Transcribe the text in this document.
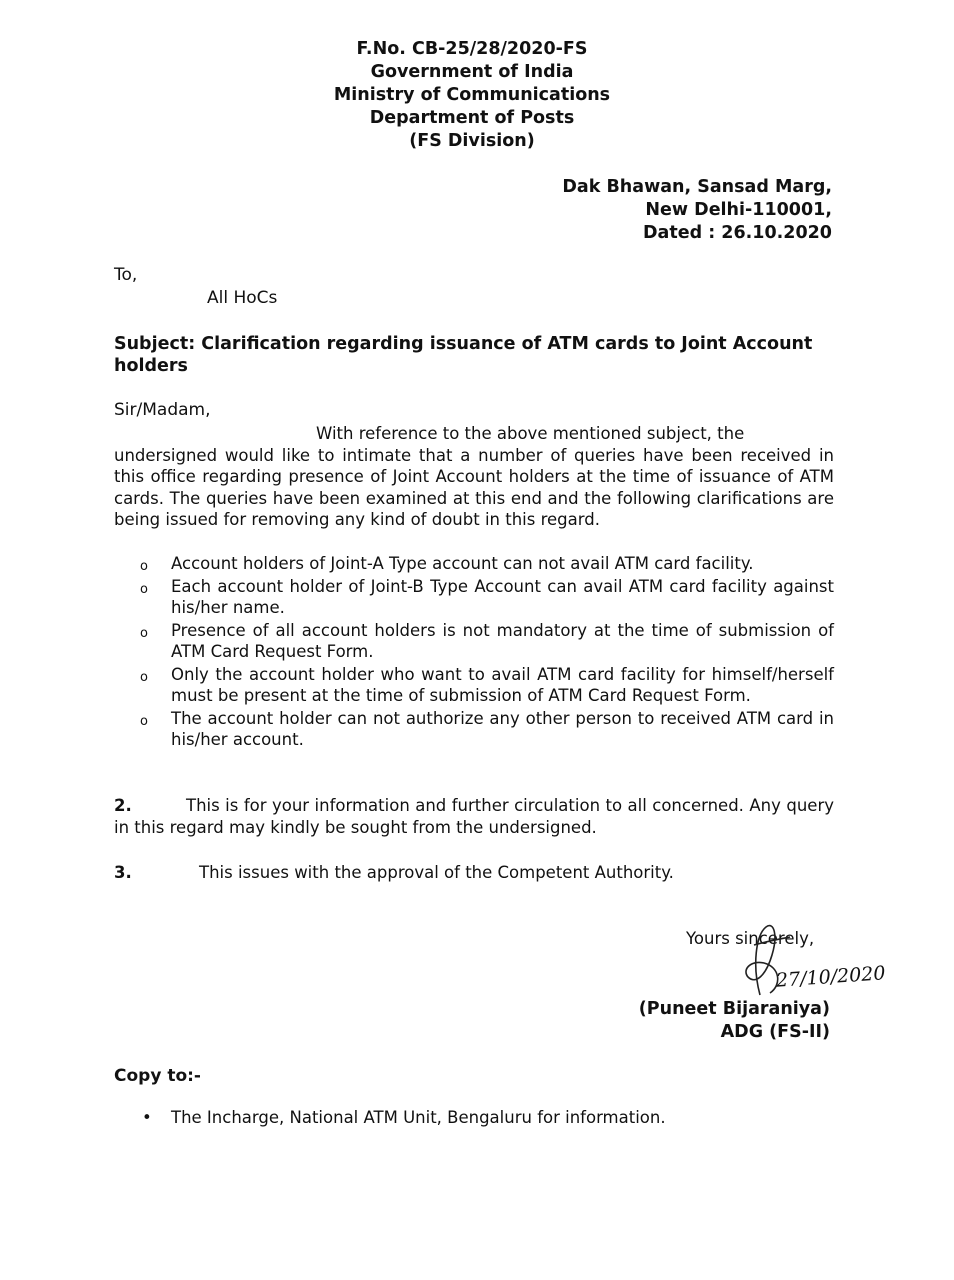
F.No. CB-25/28/2020-FS
Government of India
Ministry of Communications
Department of Posts
(FS Division)
Dak Bhawan, Sansad Marg,
New Delhi-110001,
Dated : 26.10.2020
To,
All HoCs
Subject: Clarification regarding issuance of ATM cards to Joint Account holders
Sir/Madam,
With reference to the above mentioned subject, the
undersigned would like to intimate that a number of queries have been received in this office regarding presence of Joint Account holders at the time of issuance of ATM cards. The queries have been examined at this end and the following clarifications are being issued for removing any kind of doubt in this regard.
o Account holders of Joint-A Type account can not avail ATM card facility.
o Each account holder of Joint-B Type Account can avail ATM card facility against his/her name.
o Presence of all account holders is not mandatory at the time of submission of ATM Card Request Form.
o Only the account holder who want to avail ATM card facility for himself/herself must be present at the time of submission of ATM Card Request Form.
o The account holder can not authorize any other person to received ATM card in his/her account.
2.	This is for your information and further circulation to all concerned. Any query in this regard may kindly be sought from the undersigned.
3.	This issues with the approval of the Competent Authority.
Yours sincerely,
27/10/2020
(Puneet Bijaraniya)
ADG (FS-II)
Copy to:-
• The Incharge, National ATM Unit, Bengaluru for information.
